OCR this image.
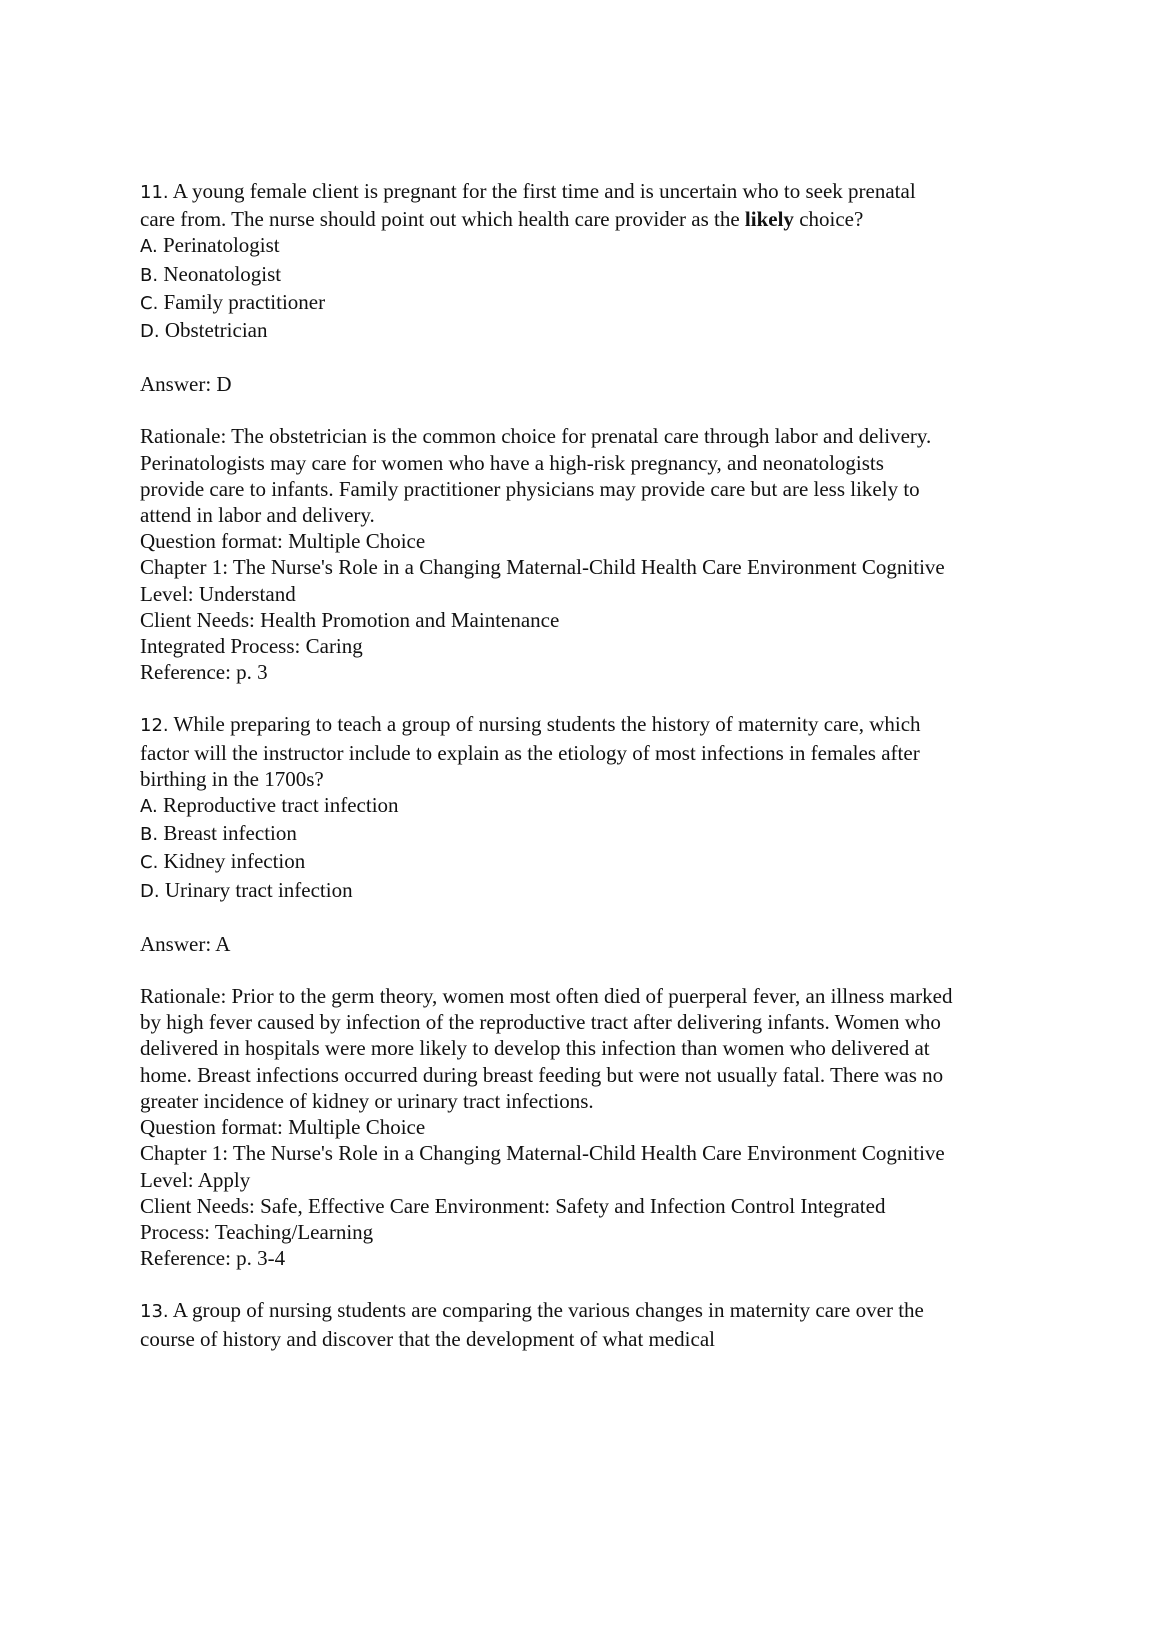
11. A young female client is pregnant for the first time and is uncertain who to seek prenatal
care from. The nurse should point out which health care provider as the likely choice?
A. Perinatologist
B. Neonatologist
C. Family practitioner
D. Obstetrician
Answer: D
Rationale: The obstetrician is the common choice for prenatal care through labor and delivery.
Perinatologists may care for women who have a high-risk pregnancy, and neonatologists
provide care to infants. Family practitioner physicians may provide care but are less likely to
attend in labor and delivery.
Question format: Multiple Choice
Chapter 1: The Nurse's Role in a Changing Maternal-Child Health Care Environment Cognitive
Level: Understand
Client Needs: Health Promotion and Maintenance
Integrated Process: Caring
Reference: p. 3
12. While preparing to teach a group of nursing students the history of maternity care, which
factor will the instructor include to explain as the etiology of most infections in females after
birthing in the 1700s?
A. Reproductive tract infection
B. Breast infection
C. Kidney infection
D. Urinary tract infection
Answer: A
Rationale: Prior to the germ theory, women most often died of puerperal fever, an illness marked
by high fever caused by infection of the reproductive tract after delivering infants. Women who
delivered in hospitals were more likely to develop this infection than women who delivered at
home. Breast infections occurred during breast feeding but were not usually fatal. There was no
greater incidence of kidney or urinary tract infections.
Question format: Multiple Choice
Chapter 1: The Nurse's Role in a Changing Maternal-Child Health Care Environment Cognitive
Level: Apply
Client Needs: Safe, Effective Care Environment: Safety and Infection Control Integrated
Process: Teaching/Learning
Reference: p. 3-4
13. A group of nursing students are comparing the various changes in maternity care over the
course of history and discover that the development of what medical
